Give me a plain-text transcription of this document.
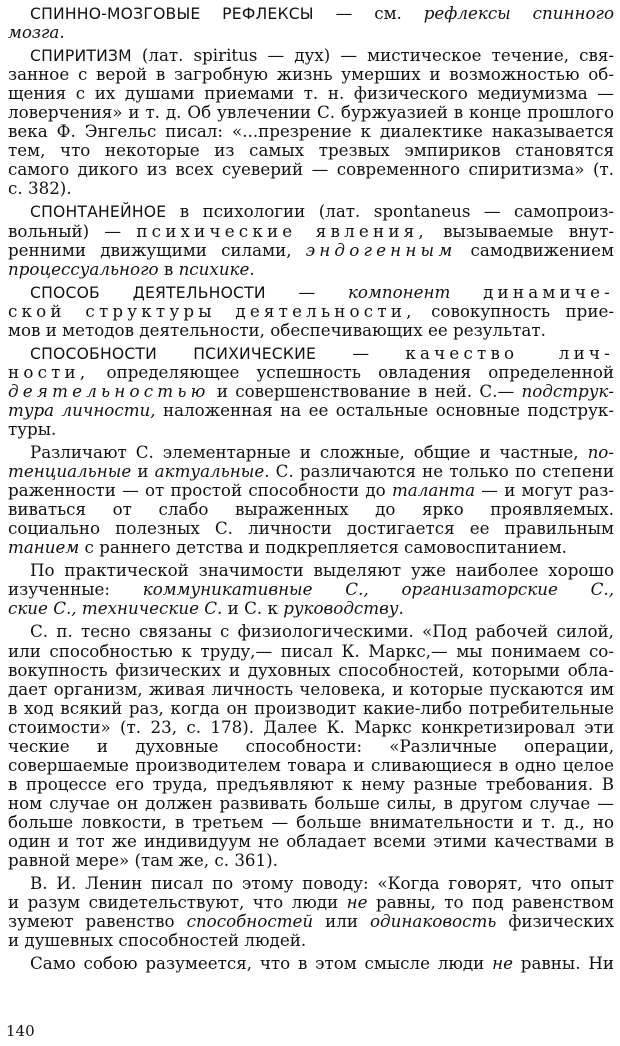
СПИННО-МОЗГОВЫЕ РЕФЛЕКСЫ — см. рефлексы спинного
мозга.
СПИРИТИЗМ (лат. spiritus — дух) — мистическое течение, свя-
занное с верой в загробную жизнь умерших и возможностью об-
щения с их душами приемами т. н. физического медиумизма —
ловерчения» и т. д. Об увлечении С. буржуазией в конце прошлого
века Ф. Энгельс писал: «...презрение к диалектике наказывается
тем, что некоторые из самых трезвых эмпириков становятся
самого дикого из всех суеверий — современного спиритизма» (т.
с. 382).
СПОНТАНЕЙНОЕ в психологии (лат. spontaneus — самопроиз-
вольный) — психические явления, вызываемые внут-
ренними движущими силами, эндогенным самодвижением
процессуального в психике.
СПОСОБ ДЕЯТЕЛЬНОСТИ — компонент динамиче-
ской структуры деятельности, совокупность прие-
мов и методов деятельности, обеспечивающих ее результат.
СПОСОБНОСТИ ПСИХИЧЕСКИЕ — качество лич-
ности, определяющее успешность овладения определенной
деятельностью и совершенствование в ней. С.— подструк-
тура личности, наложенная на ее остальные основные подструк-
туры.
Различают С. элементарные и сложные, общие и частные, по-
тенциальные и актуальные. С. различаются не только по степени
раженности — от простой способности до таланта — и могут раз-
виваться от слабо выраженных до ярко проявляемых.
социально полезных С. личности достигается ее правильным
танием с раннего детства и подкрепляется самовоспитанием.
По практической значимости выделяют уже наиболее хорошо
изученные: коммуникативные С., организаторские С.,
ские С., технические С. и С. к руководству.
С. п. тесно связаны с физиологическими. «Под рабочей силой,
или способностью к труду,— писал К. Маркс,— мы понимаем со-
вокупность физических и духовных способностей, которыми обла-
дает организм, живая личность человека, и которые пускаются им
в ход всякий раз, когда он производит какие-либо потребительные
стоимости» (т. 23, с. 178). Далее К. Маркс конкретизировал эти
ческие и духовные способности: «Различные операции,
совершаемые производителем товара и сливающиеся в одно целое
в процессе его труда, предъявляют к нему разные требования. В
ном случае он должен развивать больше силы, в другом случае —
больше ловкости, в третьем — больше внимательности и т. д., но
один и тот же индивидуум не обладает всеми этими качествами в
равной мере» (там же, с. 361).
В. И. Ленин писал по этому поводу: «Когда говорят, что опыт
и разум свидетельствуют, что люди не равны, то под равенством
зумеют равенство способностей или одинаковость физических
и душевных способностей людей.
Само собою разумеется, что в этом смысле люди не равны. Ни
140
